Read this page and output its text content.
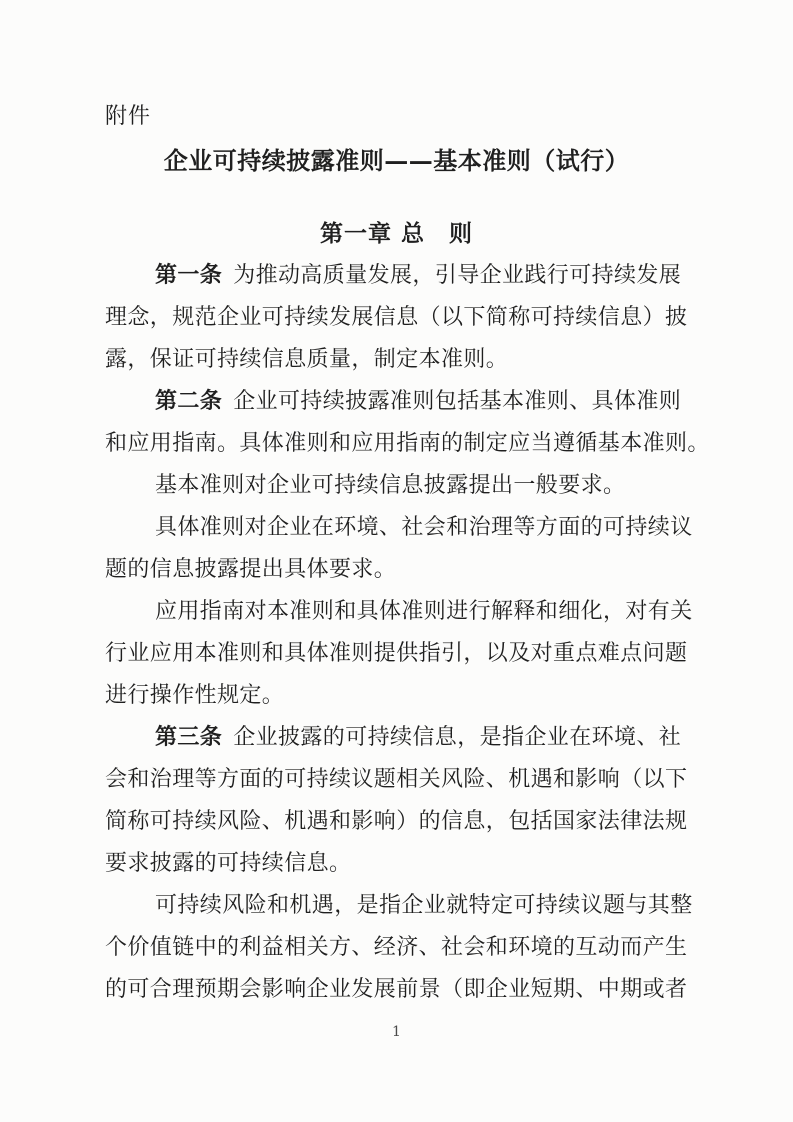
附件

企业可持续披露准则——基本准则（试行）
第一章 总　则
第一条 为推动高质量发展，引导企业践行可持续发展
理念，规范企业可持续发展信息（以下简称可持续信息）披
露，保证可持续信息质量，制定本准则。
第二条 企业可持续披露准则包括基本准则、具体准则
和应用指南。具体准则和应用指南的制定应当遵循基本准则。
基本准则对企业可持续信息披露提出一般要求。
具体准则对企业在环境、社会和治理等方面的可持续议
题的信息披露提出具体要求。
应用指南对本准则和具体准则进行解释和细化，对有关
行业应用本准则和具体准则提供指引，以及对重点难点问题
进行操作性规定。
第三条 企业披露的可持续信息，是指企业在环境、社
会和治理等方面的可持续议题相关风险、机遇和影响（以下
简称可持续风险、机遇和影响）的信息，包括国家法律法规
要求披露的可持续信息。
可持续风险和机遇，是指企业就特定可持续议题与其整
个价值链中的利益相关方、经济、社会和环境的互动而产生
的可合理预期会影响企业发展前景（即企业短期、中期或者
1
